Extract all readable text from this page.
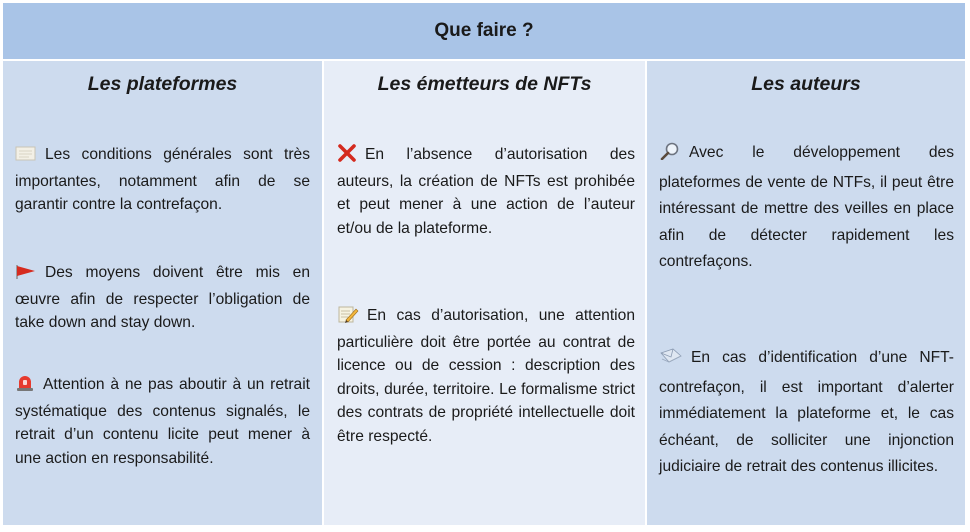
Que faire ?
Les plateformes
Les conditions générales sont très importantes, notamment afin de se garantir contre la contrefaçon.
Des moyens doivent être mis en œuvre afin de respecter l’obligation de take down and stay down.
Attention à ne pas aboutir à un retrait systématique des contenus signalés, le retrait d’un contenu licite peut mener à une action en responsabilité.
Les émetteurs de NFTs
En l’absence d’autorisation des auteurs, la création de NFTs est prohibée et peut mener à une action de l’auteur et/ou de la plateforme.
En cas d’autorisation, une attention particulière doit être portée au contrat de licence ou de cession : description des droits, durée, territoire. Le formalisme strict des contrats de propriété intellectuelle doit être respecté.
Les auteurs
Avec le développement des plateformes de vente de NTFs, il peut être intéressant de mettre des veilles en place afin de détecter rapidement les contrefaçons.
En cas d’identification d’une NFT-contrefaçon, il est important d’alerter immédiatement la plateforme et, le cas échéant, de solliciter une injonction judiciaire de retrait des contenus illicites.
